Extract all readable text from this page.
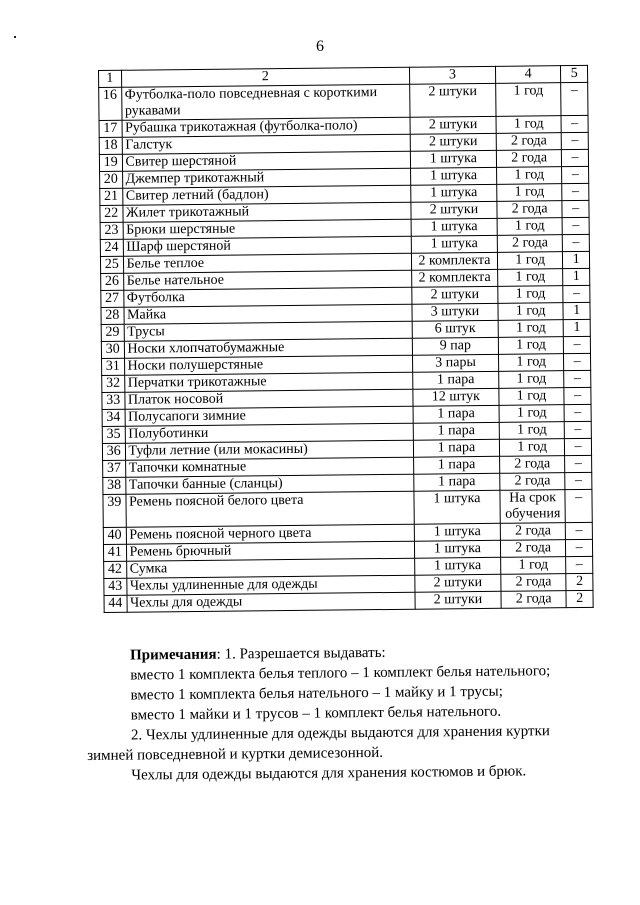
6
1	2	3	4	5
16	Футболка-поло повседневная с короткими рукавами	2 штуки	1 год	–
17	Рубашка трикотажная (футболка-поло)	2 штуки	1 год	–
18	Галстук	2 штуки	2 года	–
19	Свитер шерстяной	1 штука	2 года	–
20	Джемпер трикотажный	1 штука	1 год	–
21	Свитер летний (бадлон)	1 штука	1 год	–
22	Жилет трикотажный	2 штуки	2 года	–
23	Брюки шерстяные	1 штука	1 год	–
24	Шарф шерстяной	1 штука	2 года	–
25	Белье теплое	2 комплекта	1 год	1
26	Белье нательное	2 комплекта	1 год	1
27	Футболка	2 штуки	1 год	–
28	Майка	3 штуки	1 год	1
29	Трусы	6 штук	1 год	1
30	Носки хлопчатобумажные	9 пар	1 год	–
31	Носки полушерстяные	3 пары	1 год	–
32	Перчатки трикотажные	1 пара	1 год	–
33	Платок носовой	12 штук	1 год	–
34	Полусапоги зимние	1 пара	1 год	–
35	Полуботинки	1 пара	1 год	–
36	Туфли летние (или мокасины)	1 пара	1 год	–
37	Тапочки комнатные	1 пара	2 года	–
38	Тапочки банные (сланцы)	1 пара	2 года	–
39	Ремень поясной белого цвета	1 штука	На срок обучения	–
40	Ремень поясной черного цвета	1 штука	2 года	–
41	Ремень брючный	1 штука	2 года	–
42	Сумка	1 штука	1 год	–
43	Чехлы удлиненные для одежды	2 штуки	2 года	2
44	Чехлы для одежды	2 штуки	2 года	2

Примечания: 1. Разрешается выдавать:

вместо 1 комплекта белья теплого – 1 комплект белья нательного;

вместо 1 комплекта белья нательного – 1 майку и 1 трусы;

вместо 1 майки и 1 трусов – 1 комплект белья нательного.

2. Чехлы удлиненные для одежды выдаются для хранения куртки

зимней повседневной и куртки демисезонной.

Чехлы для одежды выдаются для хранения костюмов и брюк.
